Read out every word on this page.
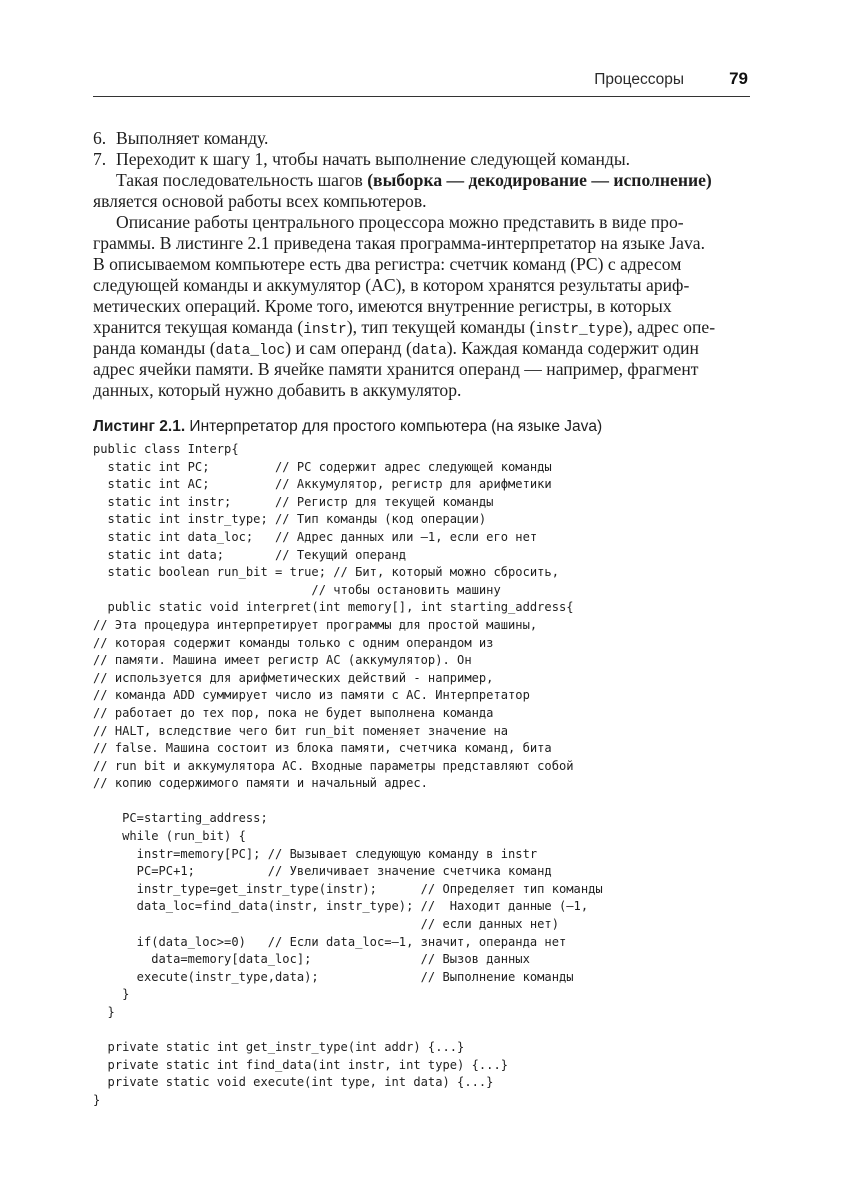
Процессоры	79
6. Выполняет команду.
7. Переходит к шагу 1, чтобы начать выполнение следующей команды.
Такая последовательность шагов (выборка — декодирование — исполнение)
является основой работы всех компьютеров.
Описание работы центрального процессора можно представить в виде про-
граммы. В листинге 2.1 приведена такая программа-интерпретатор на языке Java.
В описываемом компьютере есть два регистра: счетчик команд (PC) с адресом
следующей команды и аккумулятор (AC), в котором хранятся результаты ариф-
метических операций. Кроме того, имеются внутренние регистры, в которых
хранится текущая команда (instr), тип текущей команды (instr_type), адрес опе-
ранда команды (data_loc) и сам операнд (data). Каждая команда содержит один
адрес ячейки памяти. В ячейке памяти хранится операнд — например, фрагмент
данных, который нужно добавить в аккумулятор.
Листинг 2.1. Интерпретатор для простого компьютера (на языке Java)
public class Interp{
static int PC;         // PC содержит адрес следующей команды
static int AC;         // Аккумулятор, регистр для арифметики
static int instr;      // Регистр для текущей команды
static int instr_type; // Тип команды (код операции)
static int data_loc;   // Адрес данных или –1, если его нет
static int data;       // Текущий операнд
static boolean run_bit = true; // Бит, который можно сбросить,
// чтобы остановить машину
public static void interpret(int memory[], int starting_address{
// Эта процедура интерпретирует программы для простой машины,
// которая содержит команды только с одним операндом из
// памяти. Машина имеет регистр AC (аккумулятор). Он
// используется для арифметических действий - например,
// команда ADD суммирует число из памяти с AC. Интерпретатор
// работает до тех пор, пока не будет выполнена команда
// HALT, вследствие чего бит run_bit поменяет значение на
// false. Машина состоит из блока памяти, счетчика команд, бита
// run bit и аккумулятора AC. Входные параметры представляют собой
// копию содержимого памяти и начальный адрес.
PC=starting_address;
while (run_bit) {
instr=memory[PC]; // Вызывает следующую команду в instr
PC=PC+1;          // Увеличивает значение счетчика команд
instr_type=get_instr_type(instr);      // Определяет тип команды
data_loc=find_data(instr, instr_type); //  Находит данные (–1,
// если данных нет)
if(data_loc>=0)   // Если data_loc=–1, значит, операнда нет
data=memory[data_loc];               // Вызов данных
execute(instr_type,data);              // Выполнение команды
}
}
private static int get_instr_type(int addr) {...}
private static int find_data(int instr, int type) {...}
private static void execute(int type, int data) {...}
}
